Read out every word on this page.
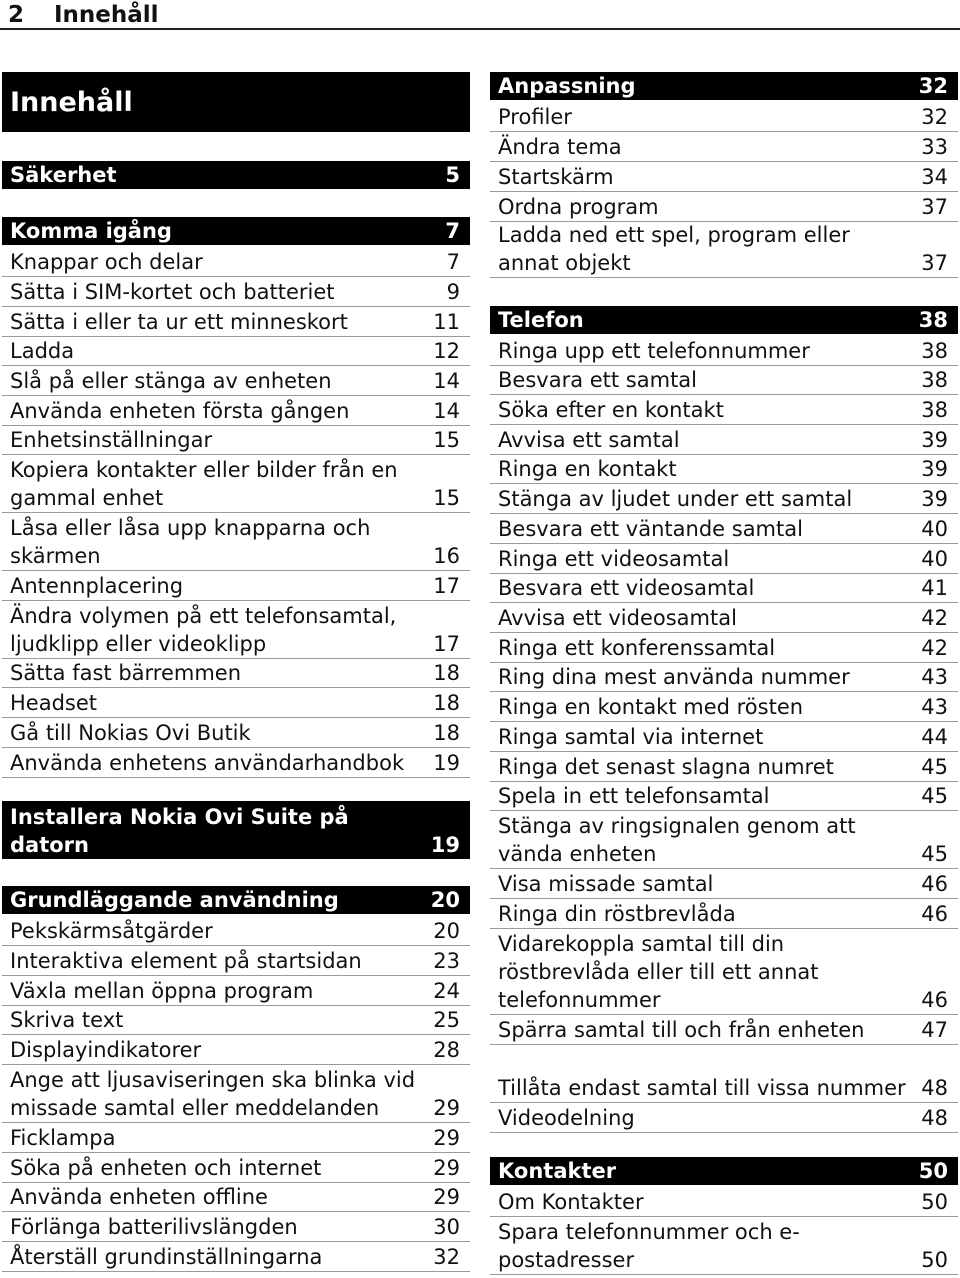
2	Innehåll
Innehåll
Säkerhet	5
Komma igång	7
Knappar och delar	7
Sätta i SIM-kortet och batteriet	9
Sätta i eller ta ur ett minneskort	11
Ladda	12
Slå på eller stänga av enheten	14
Använda enheten första gången	14
Enhetsinställningar	15
Kopiera kontakter eller bilder från en gammal enhet	15
Låsa eller låsa upp knapparna och skärmen	16
Antennplacering	17
Ändra volymen på ett telefonsamtal, ljudklipp eller videoklipp	17
Sätta fast bärremmen	18
Headset	18
Gå till Nokias Ovi Butik	18
Använda enhetens användarhandbok	19
Installera Nokia Ovi Suite på datorn	19
Grundläggande användning	20
Pekskärmsåtgärder	20
Interaktiva element på startsidan	23
Växla mellan öppna program	24
Skriva text	25
Displayindikatorer	28
Ange att ljusaviseringen ska blinka vid missade samtal eller meddelanden	29
Ficklampa	29
Söka på enheten och internet	29
Använda enheten offline	29
Förlänga batterilivslängden	30
Återställ grundinställningarna	32
Anpassning	32
Profiler	32
Ändra tema	33
Startskärm	34
Ordna program	37
Ladda ned ett spel, program eller annat objekt	37
Telefon	38
Ringa upp ett telefonnummer	38
Besvara ett samtal	38
Söka efter en kontakt	38
Avvisa ett samtal	39
Ringa en kontakt	39
Stänga av ljudet under ett samtal	39
Besvara ett väntande samtal	40
Ringa ett videosamtal	40
Besvara ett videosamtal	41
Avvisa ett videosamtal	42
Ringa ett konferenssamtal	42
Ring dina mest använda nummer	43
Ringa en kontakt med rösten	43
Ringa samtal via internet	44
Ringa det senast slagna numret	45
Spela in ett telefonsamtal	45
Stänga av ringsignalen genom att vända enheten	45
Visa missade samtal	46
Ringa din röstbrevlåda	46
Vidarekoppla samtal till din röstbrevlåda eller till ett annat telefonnummer	46
Spärra samtal till och från enheten	47
Tillåta endast samtal till vissa nummer 48
Videodelning	48
Kontakter	50
Om Kontakter	50
Spara telefonnummer och e-postadresser	50
